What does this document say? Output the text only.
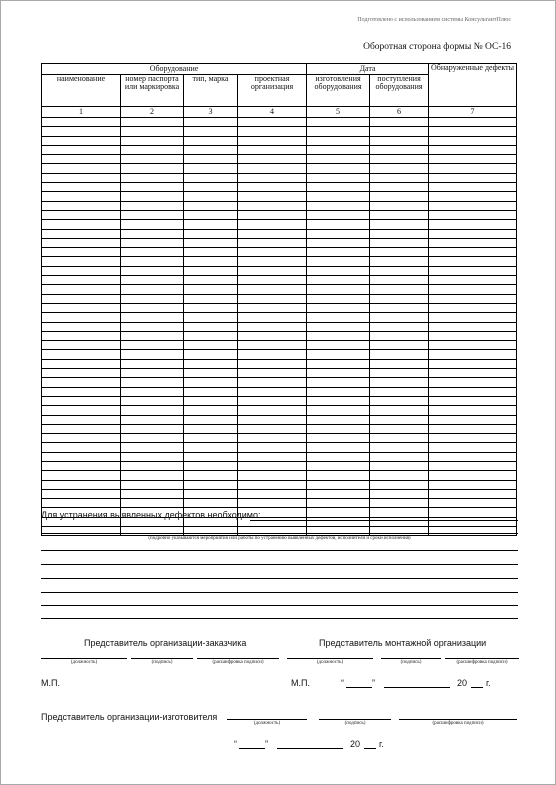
Подготовлено с использованием системы КонсультантПлюс
Оборотная сторона формы № ОС-16
Оборудование				Дата		Обнаруженные дефекты
наименование	номер паспорта или маркировка	тип, марка	проектная организация	изготовления оборудования	поступления оборудования	
1	2	3	4	5	6	7

Для устранения выявленных дефектов необходимо:
(подробно указываются мероприятия или работы по устранению выявленных дефектов, исполнители и сроки исполнения)
Представитель организации-заказчика	Представитель монтажной организации
(должность)	(подпись)	(расшифровка подписи)	(должность)	(подпись)	(расшифровка подписи)
М.П.	М.П.	“	”	20 г.
Представитель организации-изготовителя
(должность)	(подпись)	(расшифровка подписи)
“	”	20 г.
